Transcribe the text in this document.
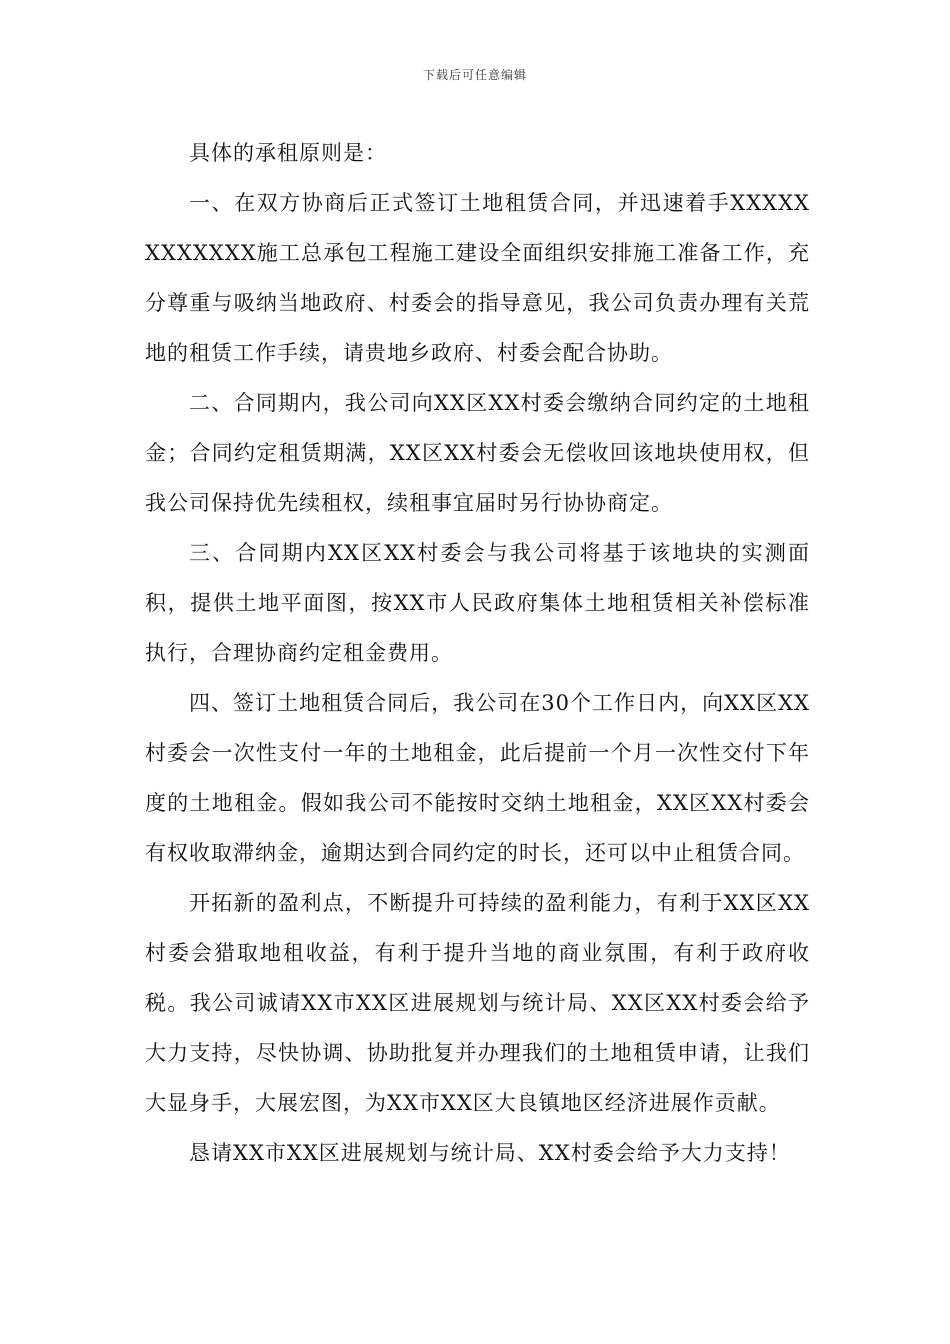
下载后可任意编辑

具体的承租原则是：

一、在双方协商后正式签订土地租赁合同，并迅速着手XXXXXXXXXXXX施工总承包工程施工建设全面组织安排施工准备工作，充分尊重与吸纳当地政府、村委会的指导意见，我公司负责办理有关荒地的租赁工作手续，请贵地乡政府、村委会配合协助。

二、合同期内，我公司向XX区XX村委会缴纳合同约定的土地租金；合同约定租赁期满，XX区XX村委会无偿收回该地块使用权，但我公司保持优先续租权，续租事宜届时另行协协商定。

三、合同期内XX区XX村委会与我公司将基于该地块的实测面积，提供土地平面图，按XX市人民政府集体土地租赁相关补偿标准执行，合理协商约定租金费用。

四、签订土地租赁合同后，我公司在30个工作日内，向XX区XX村委会一次性支付一年的土地租金，此后提前一个月一次性交付下年度的土地租金。假如我公司不能按时交纳土地租金，XX区XX村委会有权收取滞纳金，逾期达到合同约定的时长，还可以中止租赁合同。

开拓新的盈利点，不断提升可持续的盈利能力，有利于XX区XX村委会猎取地租收益，有利于提升当地的商业氛围，有利于政府收税。我公司诚请XX市XX区进展规划与统计局、XX区XX村委会给予大力支持，尽快协调、协助批复并办理我们的土地租赁申请，让我们大显身手，大展宏图，为XX市XX区大良镇地区经济进展作贡献。

恳请XX市XX区进展规划与统计局、XX村委会给予大力支持！
